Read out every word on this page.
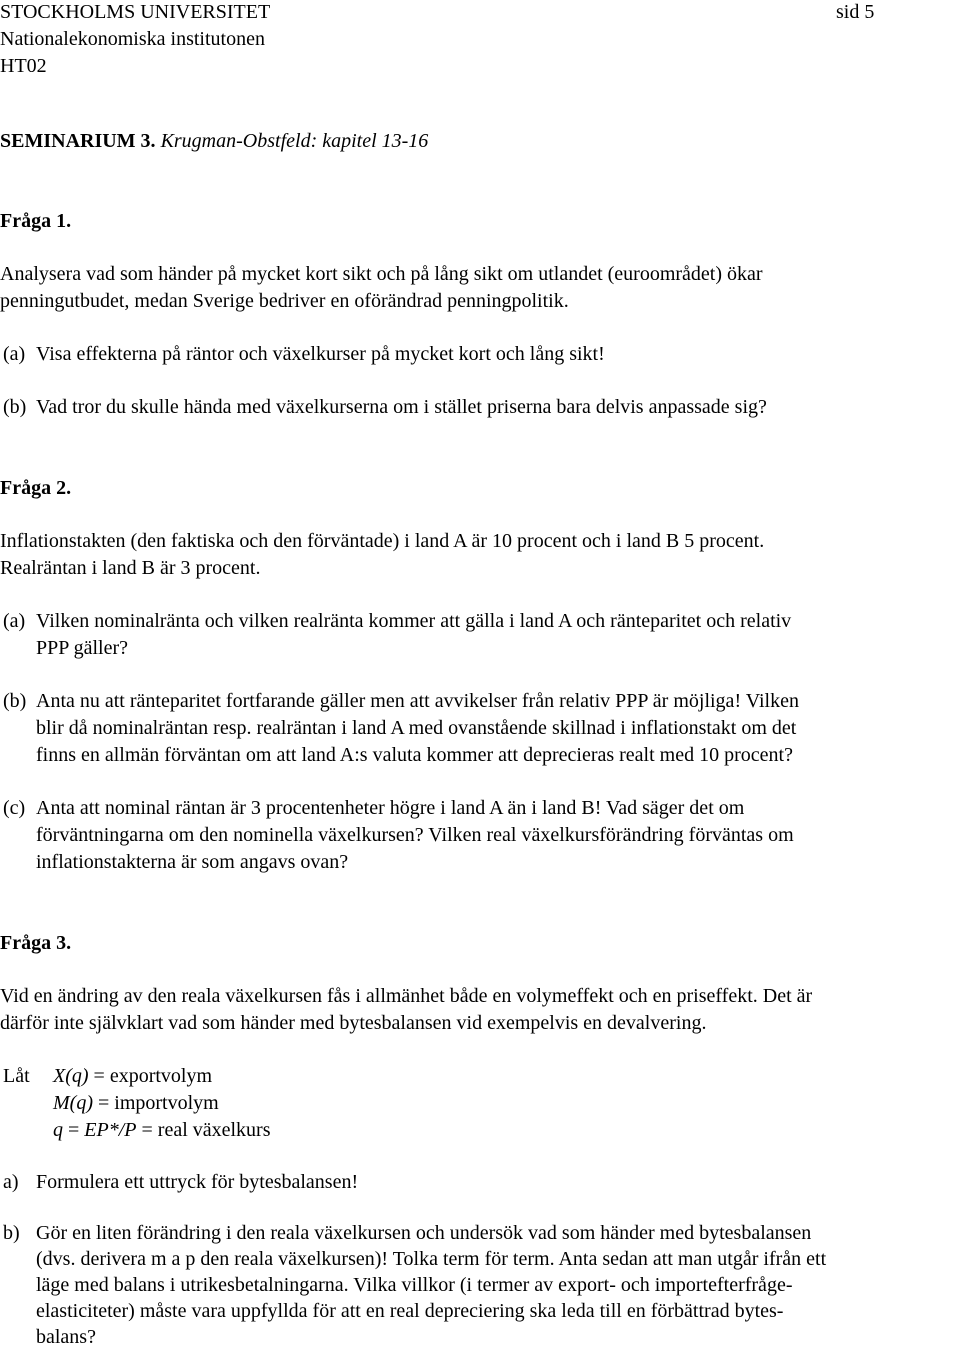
STOCKHOLMS UNIVERSITET	sid 5
Nationalekonomiska institutonen
HT02
SEMINARIUM 3. Krugman-Obstfeld: kapitel 13-16
Fråga 1.
Analysera vad som händer på mycket kort sikt och på lång sikt om utlandet (euroområdet) ökar
penningutbudet, medan Sverige bedriver en oförändrad penningpolitik.
(a) Visa effekterna på räntor och växelkurser på mycket kort och lång sikt!
(b) Vad tror du skulle hända med växelkurserna om i stället priserna bara delvis anpassade sig?
Fråga 2.
Inflationstakten (den faktiska och den förväntade) i land A är 10 procent och i land B 5 procent.
Realräntan i land B är 3 procent.
(a) Vilken nominalränta och vilken realränta kommer att gälla i land A och ränteparitet och relativ
PPP gäller?
(b) Anta nu att ränteparitet fortfarande gäller men att avvikelser från relativ PPP är möjliga! Vilken
blir då nominalräntan resp. realräntan i land A med ovanstående skillnad i inflationstakt om det
finns en allmän förväntan om att land A:s valuta kommer att deprecieras realt med 10 procent?
(c) Anta att nominal räntan är 3 procentenheter högre i land A än i land B! Vad säger det om
förväntningarna om den nominella växelkursen? Vilken real växelkursförändring förväntas om
inflationstakterna är som angavs ovan?
Fråga 3.
Vid en ändring av den reala växelkursen fås i allmänhet både en volymeffekt och en priseffekt. Det är
därför inte självklart vad som händer med bytesbalansen vid exempelvis en devalvering.
Låt X(q) = exportvolym
M(q) = importvolym
q = EP*/P = real växelkurs
a) Formulera ett uttryck för bytesbalansen!
b) Gör en liten förändring i den reala växelkursen och undersök vad som händer med bytesbalansen
(dvs. derivera m a p den reala växelkursen)! Tolka term för term. Anta sedan att man utgår ifrån ett
läge med balans i utrikesbetalningarna. Vilka villkor (i termer av export- och importefterfråge-
elasticiteter) måste vara uppfyllda för att en real depreciering ska leda till en förbättrad bytes-
balans?
